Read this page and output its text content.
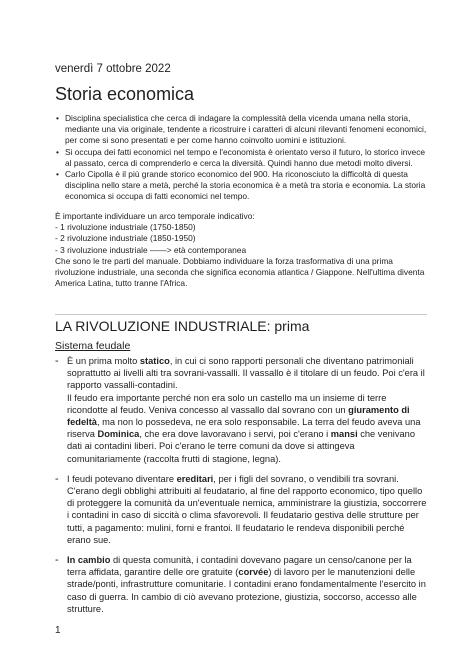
venerdì 7 ottobre 2022
Storia economica
• Disciplina specialistica che cerca di indagare la complessità della vicenda umana nella storia, mediante una via originale, tendente a ricostruire i caratteri di alcuni rilevanti fenomeni economici, per come si sono presentati e per come hanno coinvolto uomini e istituzioni.
• Si occupa dei fatti economici nel tempo e l'economista è orientato verso il futuro, lo storico invece al passato, cerca di comprenderlo e cerca la diversità. Quindi hanno due metodi molto diversi.
• Carlo Cipolla è il più grande storico economico del 900. Ha riconosciuto la difficoltà di questa disciplina nello stare a metà, perché la storia economica è a metà tra storia e economia. La storia economica si occupa di fatti economici nel tempo.

È importante individuare un arco temporale indicativo:

- 1 rivoluzione industriale (1750-1850)

- 2 rivoluzione industriale (1850-1950)

- 3 rivoluzione industriale ——> età contemporanea

Che sono le tre parti del manuale. Dobbiamo individuare la forza trasformativa di una prima rivoluzione industriale, una seconda che significa economia atlantica / Giappone. Nell'ultima diventa America Latina, tutto tranne l'Africa.

LA RIVOLUZIONE INDUSTRIALE: prima
Sistema feudale
- È un prima molto statico, in cui ci sono rapporti personali che diventano patrimoniali soprattutto ai livelli alti tra sovrani-vassalli. Il vassallo è il titolare di un feudo. Poi c'era il rapporto vassalli-contadini.

Il feudo era importante perché non era solo un castello ma un insieme di terre ricondotte al feudo. Veniva concesso al vassallo dal sovrano con un giuramento di fedeltà, ma non lo possedeva, ne era solo responsabile. La terra del feudo aveva una riserva Dominica, che era dove lavoravano i servi, poi c'erano i mansi che venivano dati ai contadini liberi. Poi c'erano le terre comuni da dove si attingeva comunitariamente (raccolta frutti di stagione, legna).

- I feudi potevano diventare ereditari, per i figli del sovrano, o vendibili tra sovrani. C'erano degli obblighi attribuiti al feudatario, al fine del rapporto economico, tipo quello di proteggere la comunità da un'eventuale nemica, amministrare la giustizia, soccorrere i contadini in caso di siccità o clima sfavorevoli. Il feudatario gestiva delle strutture per tutti, a pagamento: mulini, forni e frantoi. Il feudatario le rendeva disponibili perché erano sue.

- In cambio di questa comunità, i contadini dovevano pagare un censo/canone per la terra affidata, garantire delle ore gratuite (corvée) di lavoro per le manutenzioni delle strade/ponti, infrastrutture comunitarie. I contadini erano fondamentalmente l'esercito in caso di guerra. In cambio di ciò avevano protezione, giustizia, soccorso, accesso alle strutture.

1
